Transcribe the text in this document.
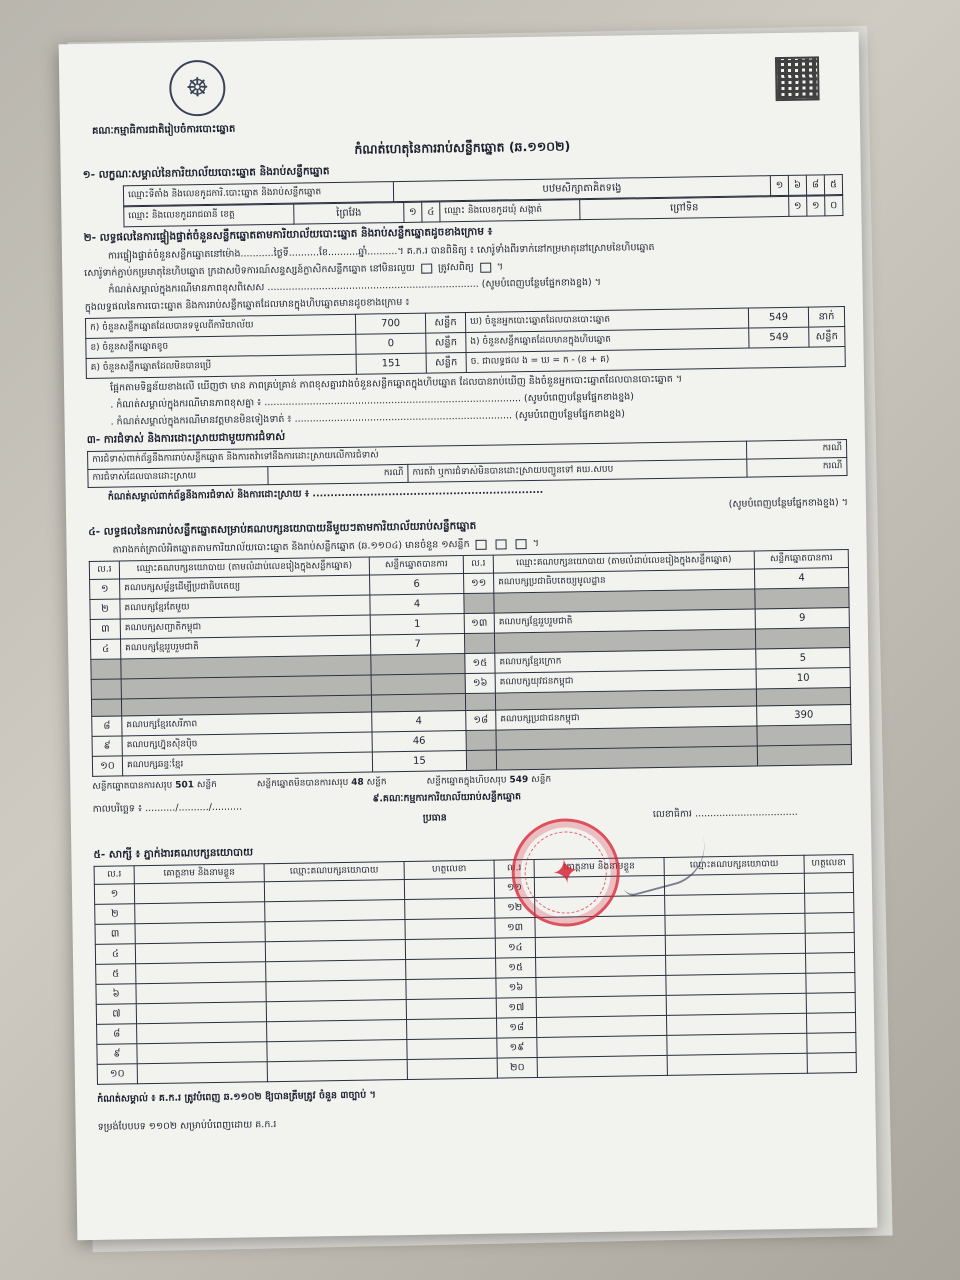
☸
គណៈកម្មាធិការជាតិរៀបចំការបោះឆ្នោត
កំណត់ហេតុនៃការរាប់សន្លឹកឆ្នោត (ឆ.១១០២)
១- លក្ខណៈសម្គាល់នៃការិយាល័យបោះឆ្នោត និងរាប់សន្លឹកឆ្នោត
ឈ្មោះទីតាំង និងលេខកូដការិ.បោះឆ្នោត និងរាប់សន្លឹកឆ្នោត	បឋមសិក្សាតាគិតទង្វេ	១	៦	៨	៥
ឈ្មោះ និងលេខកូដរាជធានី ខេត្ត	ព្រៃវែង	១	៤	ឈ្មោះ និងលេខកូដឃុំ សង្កាត់	ព្រៅទិន	១	១	០
២- លទ្ធផលនៃការផ្ទៀងផ្ទាត់ចំនួនសន្លឹកឆ្នោតតាមការិយាល័យបោះឆ្នោត និងរាប់សន្លឹកឆ្នោតដូចខាងក្រោម ៖
ការផ្ទៀងផ្ទាត់ចំនួនសន្លឹកឆ្នោតនៅម៉ោង...........ថ្ងៃទី..........ខែ..........ឆ្នាំ..........។ គ.ក.រ បានពិនិត្យ ៖ សោរ៉ូទាំងពីរទាក់នៅកម្រមាតុនៅស្រោមនៃហិបឆ្នោត
សោរ៉ូទាក់ភ្ជាប់កម្រមាតុនៃហិបឆ្នោត ក្រដាសបិទការណ៍សន្ទស្សន៍ក្លាសិកសន្លឹកឆ្នោត នៅមិនរលួយ ត្រូវសពិត្យ  ។
កំណត់សម្គាល់ក្នុងករណីមានភាពខុសពិសេស ...................................................................... (សូមបំពេញបន្ថែមផ្នែកខាងខ្នង) ។
ក្នុងលទ្ធផលនៃការបោះឆ្នោត និងការរាប់សន្លឹកឆ្នោតដែលមានក្នុងហិបឆ្នោតមានដូចខាងក្រោម ៖
ក) ចំនួនសន្លឹកឆ្នោតដែលបានទទួលពីការិយាល័យ	700	សន្លឹក	ឃ) ចំនួនអ្នកបោះឆ្នោតដែលបានបោះឆ្នោត	549	នាក់
ខ) ចំនួនសន្លឹកឆ្នោតខូច	0	សន្លឹក	ង) ចំនួនសន្លឹកឆ្នោតដែលមានក្នុងហិបឆ្នោត	549	សន្លឹក
គ) ចំនួនសន្លឹកឆ្នោតដែលមិនបានប្រើ	151	សន្លឹក	ច. ជាលទ្ធផល ង = ឃ = ក - (ខ + គ)		
ផ្អែកតាមទិន្នន័យខាងលើ ឃើញថា មាន ភាពគ្រប់គ្រាន់ ភាពខុសគ្នារវាងចំនួនសន្លឹកឆ្នោតក្នុងហិបឆ្នោត ដែលបានរាប់ឃើញ និងចំនួនអ្នកបោះឆ្នោតដែលបានបោះឆ្នោត ។
. កំណត់សម្គាល់ក្នុងករណីមានភាពខុសគ្នា ៖ ..................................................................................... (សូមបំពេញបន្ថែមផ្នែកខាងខ្នង)
. កំណត់សម្គាល់ក្នុងករណីមានវត្តមានមិនទៀងទាត់ ៖ ........................................................................ (សូមបំពេញបន្ថែមផ្នែកខាងខ្នង)
៣- ការជំទាស់ និងការដោះស្រាយជាមួយការជំទាស់
ការជំទាស់ពាក់ព័ន្ធនឹងការរាប់សន្លឹកឆ្នោត និងការតវ៉ាទៅនឹងការដោះស្រាយលើការជំទាស់			ករណី
ការជំទាស់ដែលបានដោះស្រាយ	ករណី	ការតវ៉ា ឬការជំទាស់មិនបានដោះស្រាយបញ្ជូនទៅ គឃ.សបប	ករណី
កំណត់សម្គាល់ពាក់ព័ន្ធនឹងការជំទាស់ និងការដោះស្រាយ ៖ ................................................................
(សូមបំពេញបន្ថែមផ្នែកខាងខ្នង) ។
៤- លទ្ធផលនៃការរាប់សន្លឹកឆ្នោតសម្រាប់គណបក្សនយោបាយនីមួយៗតាមការិយាល័យរាប់សន្លឹកឆ្នោត
តារាងកត់ត្រាលំអិតឆ្នោតតាមការិយាល័យបោះឆ្នោត និងរាប់សន្លឹកឆ្នោត (ឆ.១១០៤) មានចំនួន ១សន្លឹក	។
ល.រ	ឈ្មោះគណបក្សនយោបាយ (តាមលំដាប់លេខរៀងក្នុងសន្លឹកឆ្នោត)	សន្លឹកឆ្នោតបានការ	ល.រ	ឈ្មោះគណបក្សនយោបាយ (តាមលំដាប់លេខរៀងក្នុងសន្លឹកឆ្នោត)	សន្លឹកឆ្នោតបានការ
១	គណបក្សសម្ព័ន្ធដើម្បីប្រជាធិបតេយ្យ	6	១១	គណបក្សប្រជាធិបតេយ្យមូលដ្ឋាន	4
២	គណបក្សខ្មែរតែមួយ	4			
៣	គណបក្សសញ្ជាតិកម្ពុជា	1	១៣	គណបក្សខ្មែររួបរួមជាតិ	9
៤	គណបក្សខ្មែររួបរួមជាតិ	7			
			១៥	គណបក្សខ្មែរក្រោក	5
			១៦	គណបក្សយុវជនកម្ពុជា	10

៨	គណបក្សខ្មែរសេរីភាព	4	១៨	គណបក្សប្រជាជនកម្ពុជា	390
៩	គណបក្សហ្វ៊ុនស៊ិនប៉ិច	46			
១០	គណបក្សឆន្ទៈខ្មែរ	15			
សន្លឹកឆ្នោតបានការសរុប 501 សន្លឹក	សន្លឹកឆ្នោតមិនបានការសរុប 48 សន្លឹក	សន្លឹកឆ្នោតក្នុងហិបសរុប 549 សន្លឹក
កាលបរិច្ឆេទ ៖ ........../........../..........
៩.គណៈកម្មការការិយាល័យរាប់សន្លឹកឆ្នោត
ប្រធាន	លេខាធិការ ..................................
៥- សាក្សី ៖ ភ្នាក់ងារគណបក្សនយោបាយ
ល.រ	គោត្តនាម និងនាមខ្លួន	ឈ្មោះគណបក្សនយោបាយ	ហត្ថលេខា	ល.រ	គោត្តនាម និងនាមខ្លួន	ឈ្មោះគណបក្សនយោបាយ	ហត្ថលេខា
១				១១			
២				១២			
៣				១៣			
៤				១៤			
៥				១៥			
៦				១៦			
៧				១៧			
៨				១៨			
៩				១៩			
១០				២០			
កំណត់សម្គាល់ ៖ គ.ក.រ ត្រូវបំពេញ ឆ.១១០២ ឱ្យបានត្រឹមត្រូវ ចំនួន ៣ច្បាប់ ។
ទម្រង់បែបបទ ១១០២ សម្រាប់បំពេញដោយ គ.ក.រ
✦
